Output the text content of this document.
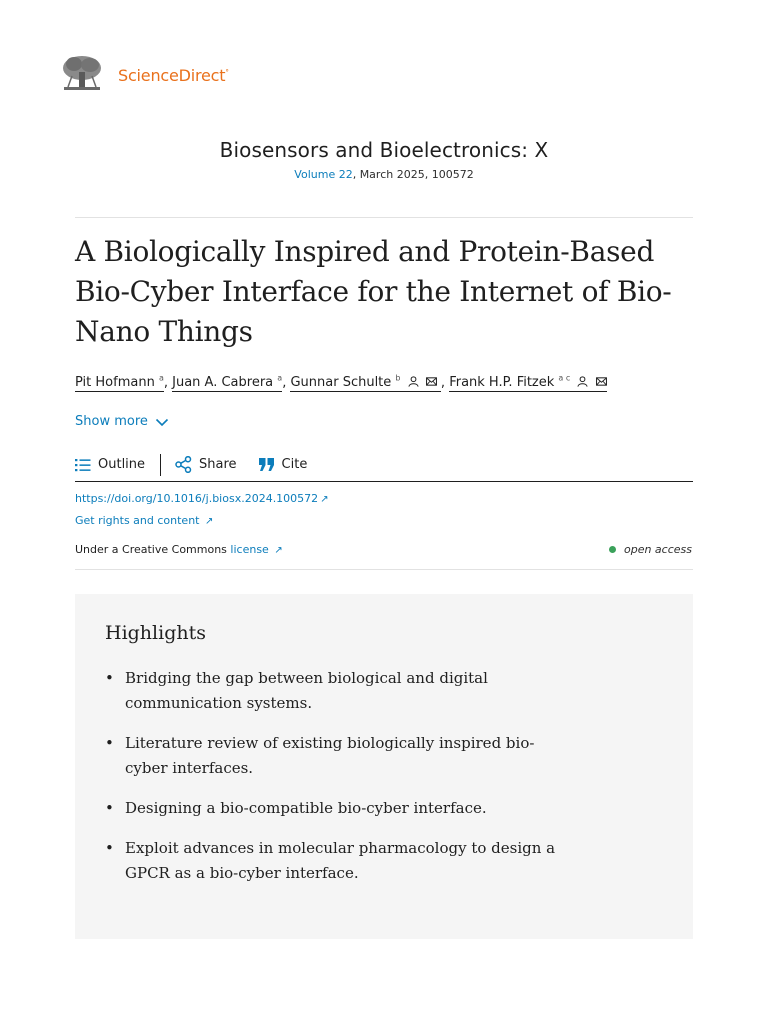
ScienceDirect°
Biosensors and Bioelectronics: X
Volume 22, March 2025, 100572
A Biologically Inspired and Protein-Based Bio-Cyber Interface for the Internet of Bio-Nano Things
Pit Hofmann $^a$, Juan A. Cabrera $^a$, Gunnar Schulte $^b$	, Frank H.P. Fitzek $^{a c}$
Show more
Outline	Share	Cite
https://doi.org/10.1016/j.biosx.2024.100572 ↗
Get rights and content ↗
Under a Creative Commons license ↗	open access
Highlights
• Bridging the gap between biological and digital communication systems.
• Literature review of existing biologically inspired bio-cyber interfaces.
• Designing a bio-compatible bio-cyber interface.
• Exploit advances in molecular pharmacology to design a GPCR as a bio-cyber interface.
